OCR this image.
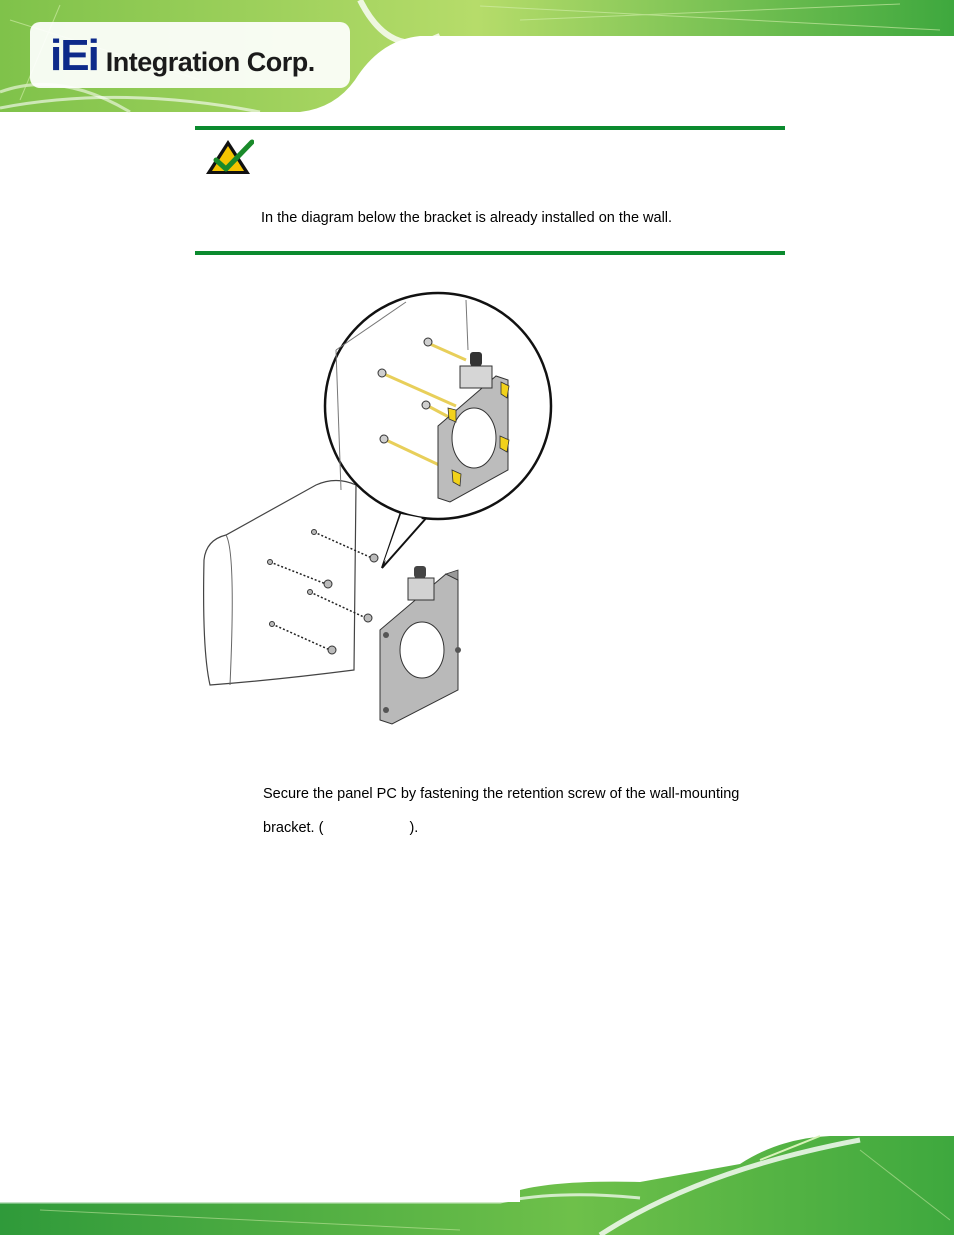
iEi Integration Corp.
In the diagram below the bracket is already installed on the wall.
Secure the panel PC by fastening the retention screw of the wall-mounting
bracket. (	).
